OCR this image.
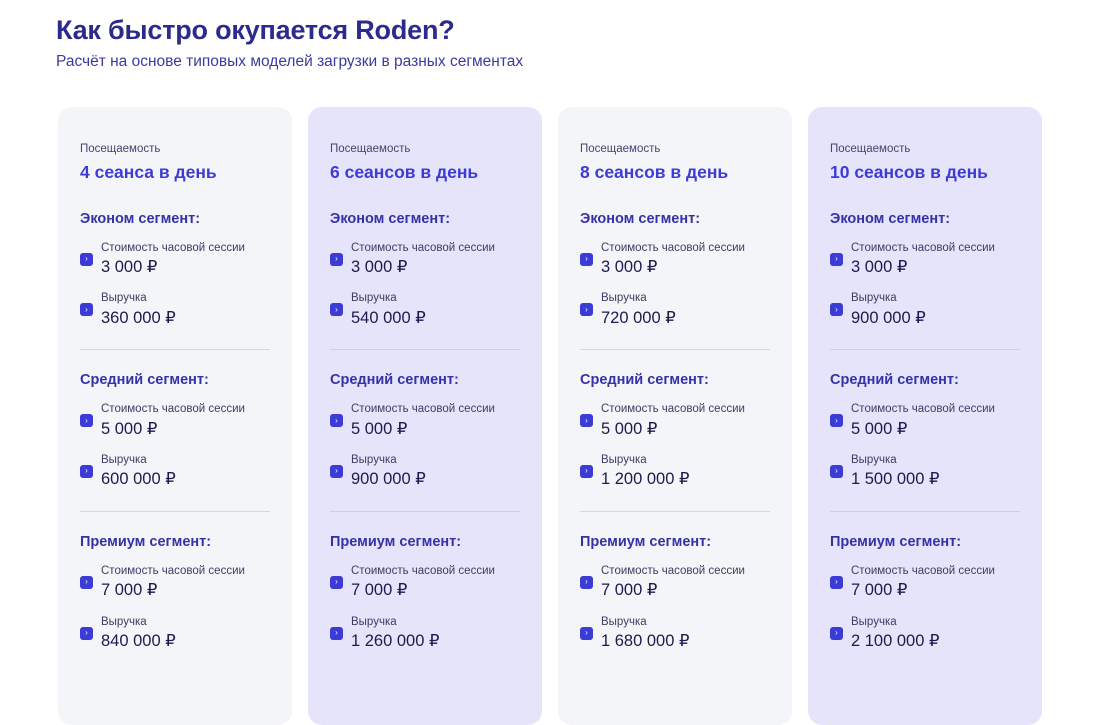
Как быстро окупается Roden?

Расчёт на основе типовых моделей загрузки в разных сегментах

Посещаемость
4 сеанса в день
Эконом сегмент:
›
Стоимость часовой сессии
3 000 ₽
›
Выручка
360 000 ₽
Средний сегмент:
›
Стоимость часовой сессии
5 000 ₽
›
Выручка
600 000 ₽
Премиум сегмент:
›
Стоимость часовой сессии
7 000 ₽
›
Выручка
840 000 ₽
Посещаемость
6 сеансов в день
Эконом сегмент:
›
Стоимость часовой сессии
3 000 ₽
›
Выручка
540 000 ₽
Средний сегмент:
›
Стоимость часовой сессии
5 000 ₽
›
Выручка
900 000 ₽
Премиум сегмент:
›
Стоимость часовой сессии
7 000 ₽
›
Выручка
1 260 000 ₽
Посещаемость
8 сеансов в день
Эконом сегмент:
›
Стоимость часовой сессии
3 000 ₽
›
Выручка
720 000 ₽
Средний сегмент:
›
Стоимость часовой сессии
5 000 ₽
›
Выручка
1 200 000 ₽
Премиум сегмент:
›
Стоимость часовой сессии
7 000 ₽
›
Выручка
1 680 000 ₽
Посещаемость
10 сеансов в день
Эконом сегмент:
›
Стоимость часовой сессии
3 000 ₽
›
Выручка
900 000 ₽
Средний сегмент:
›
Стоимость часовой сессии
5 000 ₽
›
Выручка
1 500 000 ₽
Премиум сегмент:
›
Стоимость часовой сессии
7 000 ₽
›
Выручка
2 100 000 ₽
